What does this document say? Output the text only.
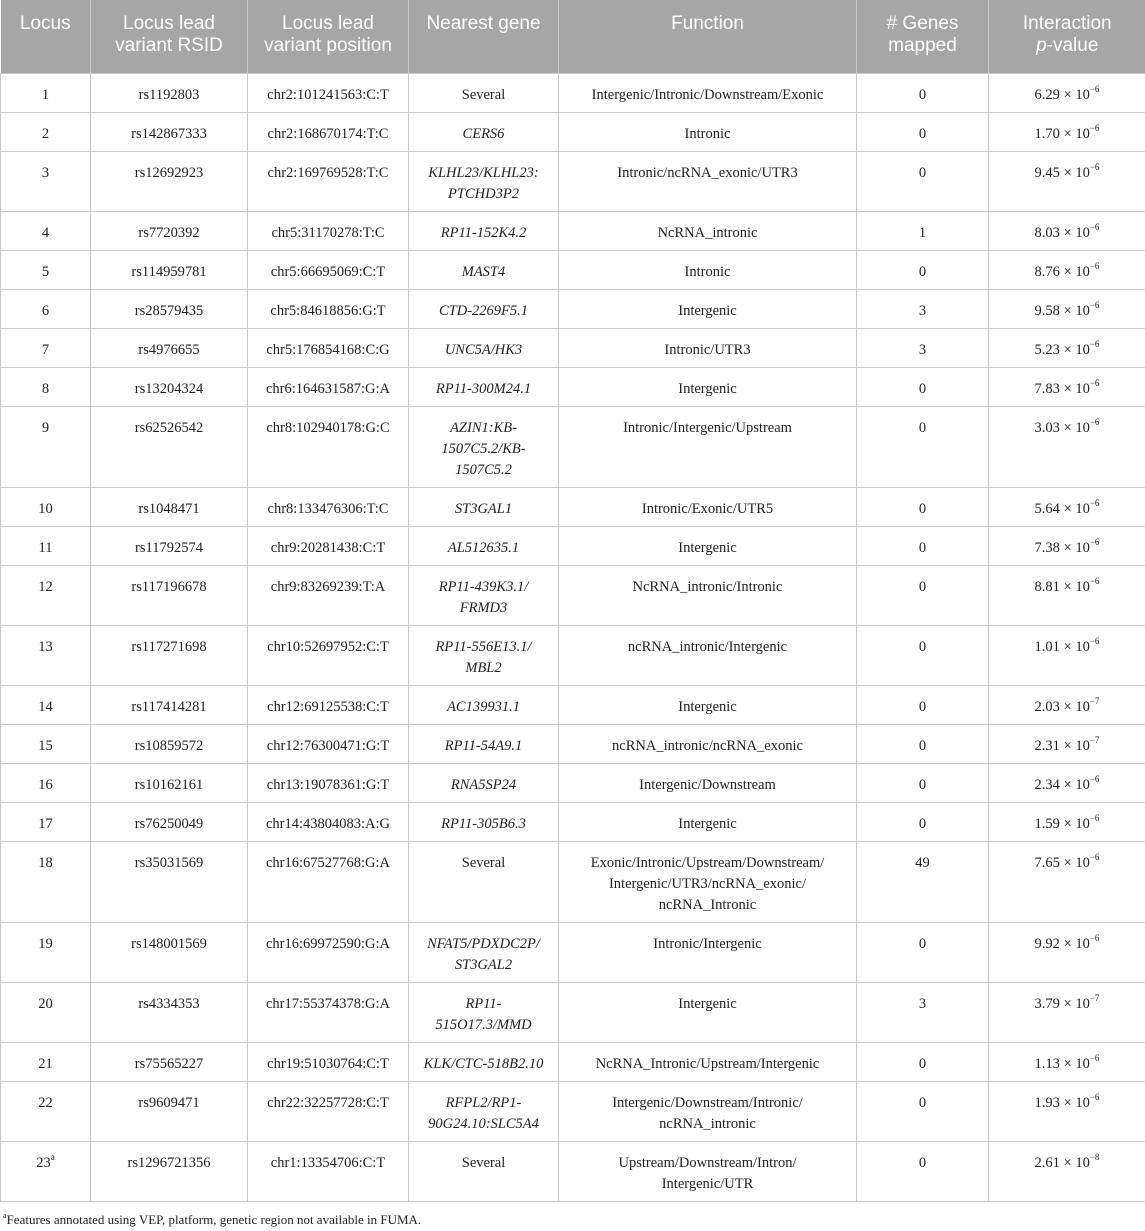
Locus	Locus lead variant RSID	Locus lead variant position	Nearest gene	Function	# Genes mapped	Interaction
p-value
1	rs1192803	chr2:101241563:C:T	Several	Intergenic/Intronic/Downstream/Exonic	0	$6.29 \times 10^{-6}$
2	rs142867333	chr2:168670174:T:C	CERS6	Intronic	0	$1.70 \times 10^{-6}$
3	rs12692923	chr2:169769528:T:C	KLHL23/KLHL23:
PTCHD3P2	Intronic/ncRNA_exonic/UTR3	0	$9.45 \times 10^{-6}$
4	rs7720392	chr5:31170278:T:C	RP11-152K4.2	NcRNA_intronic	1	$8.03 \times 10^{-6}$
5	rs114959781	chr5:66695069:C:T	MAST4	Intronic	0	$8.76 \times 10^{-6}$
6	rs28579435	chr5:84618856:G:T	CTD-2269F5.1	Intergenic	3	$9.58 \times 10^{-6}$
7	rs4976655	chr5:176854168:C:G	UNC5A/HK3	Intronic/UTR3	3	$5.23 \times 10^{-6}$
8	rs13204324	chr6:164631587:G:A	RP11-300M24.1	Intergenic	0	$7.83 \times 10^{-6}$
9	rs62526542	chr8:102940178:G:C	AZIN1:KB-
1507C5.2/KB-
1507C5.2	Intronic/Intergenic/Upstream	0	$3.03 \times 10^{-6}$
10	rs1048471	chr8:133476306:T:C	ST3GAL1	Intronic/Exonic/UTR5	0	$5.64 \times 10^{-6}$
11	rs11792574	chr9:20281438:C:T	AL512635.1	Intergenic	0	$7.38 \times 10^{-6}$
12	rs117196678	chr9:83269239:T:A	RP11-439K3.1/
FRMD3	NcRNA_intronic/Intronic	0	$8.81 \times 10^{-6}$
13	rs117271698	chr10:52697952:C:T	RP11-556E13.1/
MBL2	ncRNA_intronic/Intergenic	0	$1.01 \times 10^{-6}$
14	rs117414281	chr12:69125538:C:T	AC139931.1	Intergenic	0	$2.03 \times 10^{-7}$
15	rs10859572	chr12:76300471:G:T	RP11-54A9.1	ncRNA_intronic/ncRNA_exonic	0	$2.31 \times 10^{-7}$
16	rs10162161	chr13:19078361:G:T	RNA5SP24	Intergenic/Downstream	0	$2.34 \times 10^{-6}$
17	rs76250049	chr14:43804083:A:G	RP11-305B6.3	Intergenic	0	$1.59 \times 10^{-6}$
18	rs35031569	chr16:67527768:G:A	Several	Exonic/Intronic/Upstream/Downstream/
Intergenic/UTR3/ncRNA_exonic/
ncRNA_Intronic	49	$7.65 \times 10^{-6}$
19	rs148001569	chr16:69972590:G:A	NFAT5/PDXDC2P/
ST3GAL2	Intronic/Intergenic	0	$9.92 \times 10^{-6}$
20	rs4334353	chr17:55374378:G:A	RP11-
515O17.3/MMD	Intergenic	3	$3.79 \times 10^{-7}$
21	rs75565227	chr19:51030764:C:T	KLK/CTC-518B2.10	NcRNA_Intronic/Upstream/Intergenic	0	$1.13 \times 10^{-6}$
22	rs9609471	chr22:32257728:C:T	RFPL2/RP1-
90G24.10:SLC5A4	Intergenic/Downstream/Intronic/
ncRNA_intronic	0	$1.93 \times 10^{-6}$
23$^a$	rs1296721356	chr1:13354706:C:T	Several	Upstream/Downstream/Intron/
Intergenic/UTR	0	$2.61 \times 10^{-8}$
$^a$Features annotated using VEP, platform, genetic region not available in FUMA.
